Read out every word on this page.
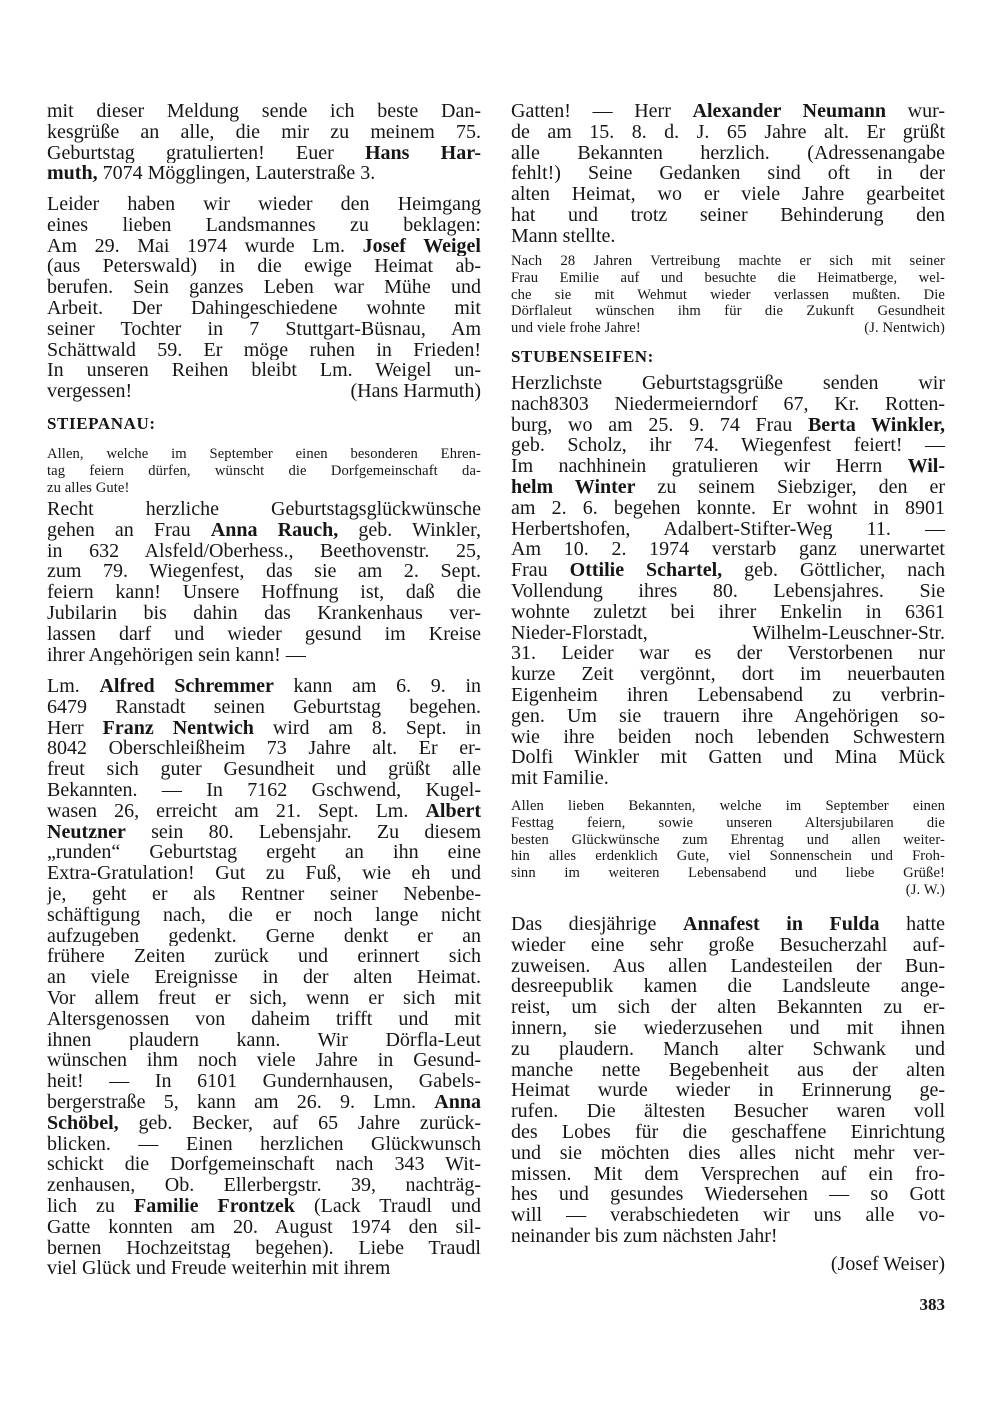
mit dieser Meldung sende ich beste Dan-
kesgrüße an alle, die mir zu meinem 75.
Geburtstag gratulierten! Euer Hans Har-
muth, 7074 Mögglingen, Lauterstraße 3.
Leider haben wir wieder den Heimgang
eines lieben Landsmannes zu beklagen:
Am 29. Mai 1974 wurde Lm. Josef Weigel
(aus Peterswald) in die ewige Heimat ab-
berufen. Sein ganzes Leben war Mühe und
Arbeit. Der Dahingeschiedene wohnte mit
seiner Tochter in 7 Stuttgart-Büsnau, Am
Schättwald 59. Er möge ruhen in Frieden!
In unseren Reihen bleibt Lm. Weigel un-
vergessen!	(Hans Harmuth)
STIEPANAU:
Allen, welche im September einen besonderen Ehren-
tag feiern dürfen, wünscht die Dorfgemeinschaft da-
zu alles Gute!
Recht herzliche Geburtstagsglückwünsche
gehen an Frau Anna Rauch, geb. Winkler,
in 632 Alsfeld/Oberhess., Beethovenstr. 25,
zum 79. Wiegenfest, das sie am 2. Sept.
feiern kann! Unsere Hoffnung ist, daß die
Jubilarin bis dahin das Krankenhaus ver-
lassen darf und wieder gesund im Kreise
ihrer Angehörigen sein kann! —
Lm. Alfred Schremmer kann am 6. 9. in
6479 Ranstadt seinen Geburtstag begehen.
Herr Franz Nentwich wird am 8. Sept. in
8042 Oberschleißheim 73 Jahre alt. Er er-
freut sich guter Gesundheit und grüßt alle
Bekannten. — In 7162 Gschwend, Kugel-
wasen 26, erreicht am 21. Sept. Lm. Albert
Neutzner sein 80. Lebensjahr. Zu diesem
„runden“ Geburtstag ergeht an ihn eine
Extra-Gratulation! Gut zu Fuß, wie eh und
je, geht er als Rentner seiner Nebenbe-
schäftigung nach, die er noch lange nicht
aufzugeben gedenkt. Gerne denkt er an
frühere Zeiten zurück und erinnert sich
an viele Ereignisse in der alten Heimat.
Vor allem freut er sich, wenn er sich mit
Altersgenossen von daheim trifft und mit
ihnen plaudern kann. Wir Dörfla-Leut
wünschen ihm noch viele Jahre in Gesund-
heit! — In 6101 Gundernhausen, Gabels-
bergerstraße 5, kann am 26. 9. Lmn. Anna
Schöbel, geb. Becker, auf 65 Jahre zurück-
blicken. — Einen herzlichen Glückwunsch
schickt die Dorfgemeinschaft nach 343 Wit-
zenhausen, Ob. Ellerbergstr. 39, nachträg-
lich zu Familie Frontzek (Lack Traudl und
Gatte konnten am 20. August 1974 den sil-
bernen Hochzeitstag begehen). Liebe Traudl
viel Glück und Freude weiterhin mit ihrem
Gatten! — Herr Alexander Neumann wur-
de am 15. 8. d. J. 65 Jahre alt. Er grüßt
alle Bekannten herzlich. (Adressenangabe
fehlt!) Seine Gedanken sind oft in der
alten Heimat, wo er viele Jahre gearbeitet
hat und trotz seiner Behinderung den
Mann stellte.
Nach 28 Jahren Vertreibung machte er sich mit seiner
Frau Emilie auf und besuchte die Heimatberge, wel-
che sie mit Wehmut wieder verlassen mußten. Die
Dörflaleut wünschen ihm für die Zukunft Gesundheit
und viele frohe Jahre!	(J. Nentwich)
STUBENSEIFEN:
Herzlichste Geburtstagsgrüße senden wir
nach8303 Niedermeierndorf 67, Kr. Rotten-
burg, wo am 25. 9. 74 Frau Berta Winkler,
geb. Scholz, ihr 74. Wiegenfest feiert! —
Im nachhinein gratulieren wir Herrn Wil-
helm Winter zu seinem Siebziger, den er
am 2. 6. begehen konnte. Er wohnt in 8901
Herbertshofen, Adalbert-Stifter-Weg 11. —
Am 10. 2. 1974 verstarb ganz unerwartet
Frau Ottilie Schartel, geb. Göttlicher, nach
Vollendung ihres 80. Lebensjahres. Sie
wohnte zuletzt bei ihrer Enkelin in 6361
Nieder-Florstadt, Wilhelm-Leuschner-Str.
31. Leider war es der Verstorbenen nur
kurze Zeit vergönnt, dort im neuerbauten
Eigenheim ihren Lebensabend zu verbrin-
gen. Um sie trauern ihre Angehörigen so-
wie ihre beiden noch lebenden Schwestern
Dolfi Winkler mit Gatten und Mina Mück
mit Familie.
Allen lieben Bekannten, welche im September einen
Festtag feiern, sowie unseren Altersjubilaren die
besten Glückwünsche zum Ehrentag und allen weiter-
hin alles erdenklich Gute, viel Sonnenschein und Froh-
sinn im weiteren Lebensabend und liebe Grüße!
(J. W.)
Das diesjährige Annafest in Fulda hatte
wieder eine sehr große Besucherzahl auf-
zuweisen. Aus allen Landesteilen der Bun-
desreepublik kamen die Landsleute ange-
reist, um sich der alten Bekannten zu er-
innern, sie wiederzusehen und mit ihnen
zu plaudern. Manch alter Schwank und
manche nette Begebenheit aus der alten
Heimat wurde wieder in Erinnerung ge-
rufen. Die ältesten Besucher waren voll
des Lobes für die geschaffene Einrichtung
und sie möchten dies alles nicht mehr ver-
missen. Mit dem Versprechen auf ein fro-
hes und gesundes Wiedersehen — so Gott
will — verabschiedeten wir uns alle vo-
neinander bis zum nächsten Jahr!
(Josef Weiser)
383
